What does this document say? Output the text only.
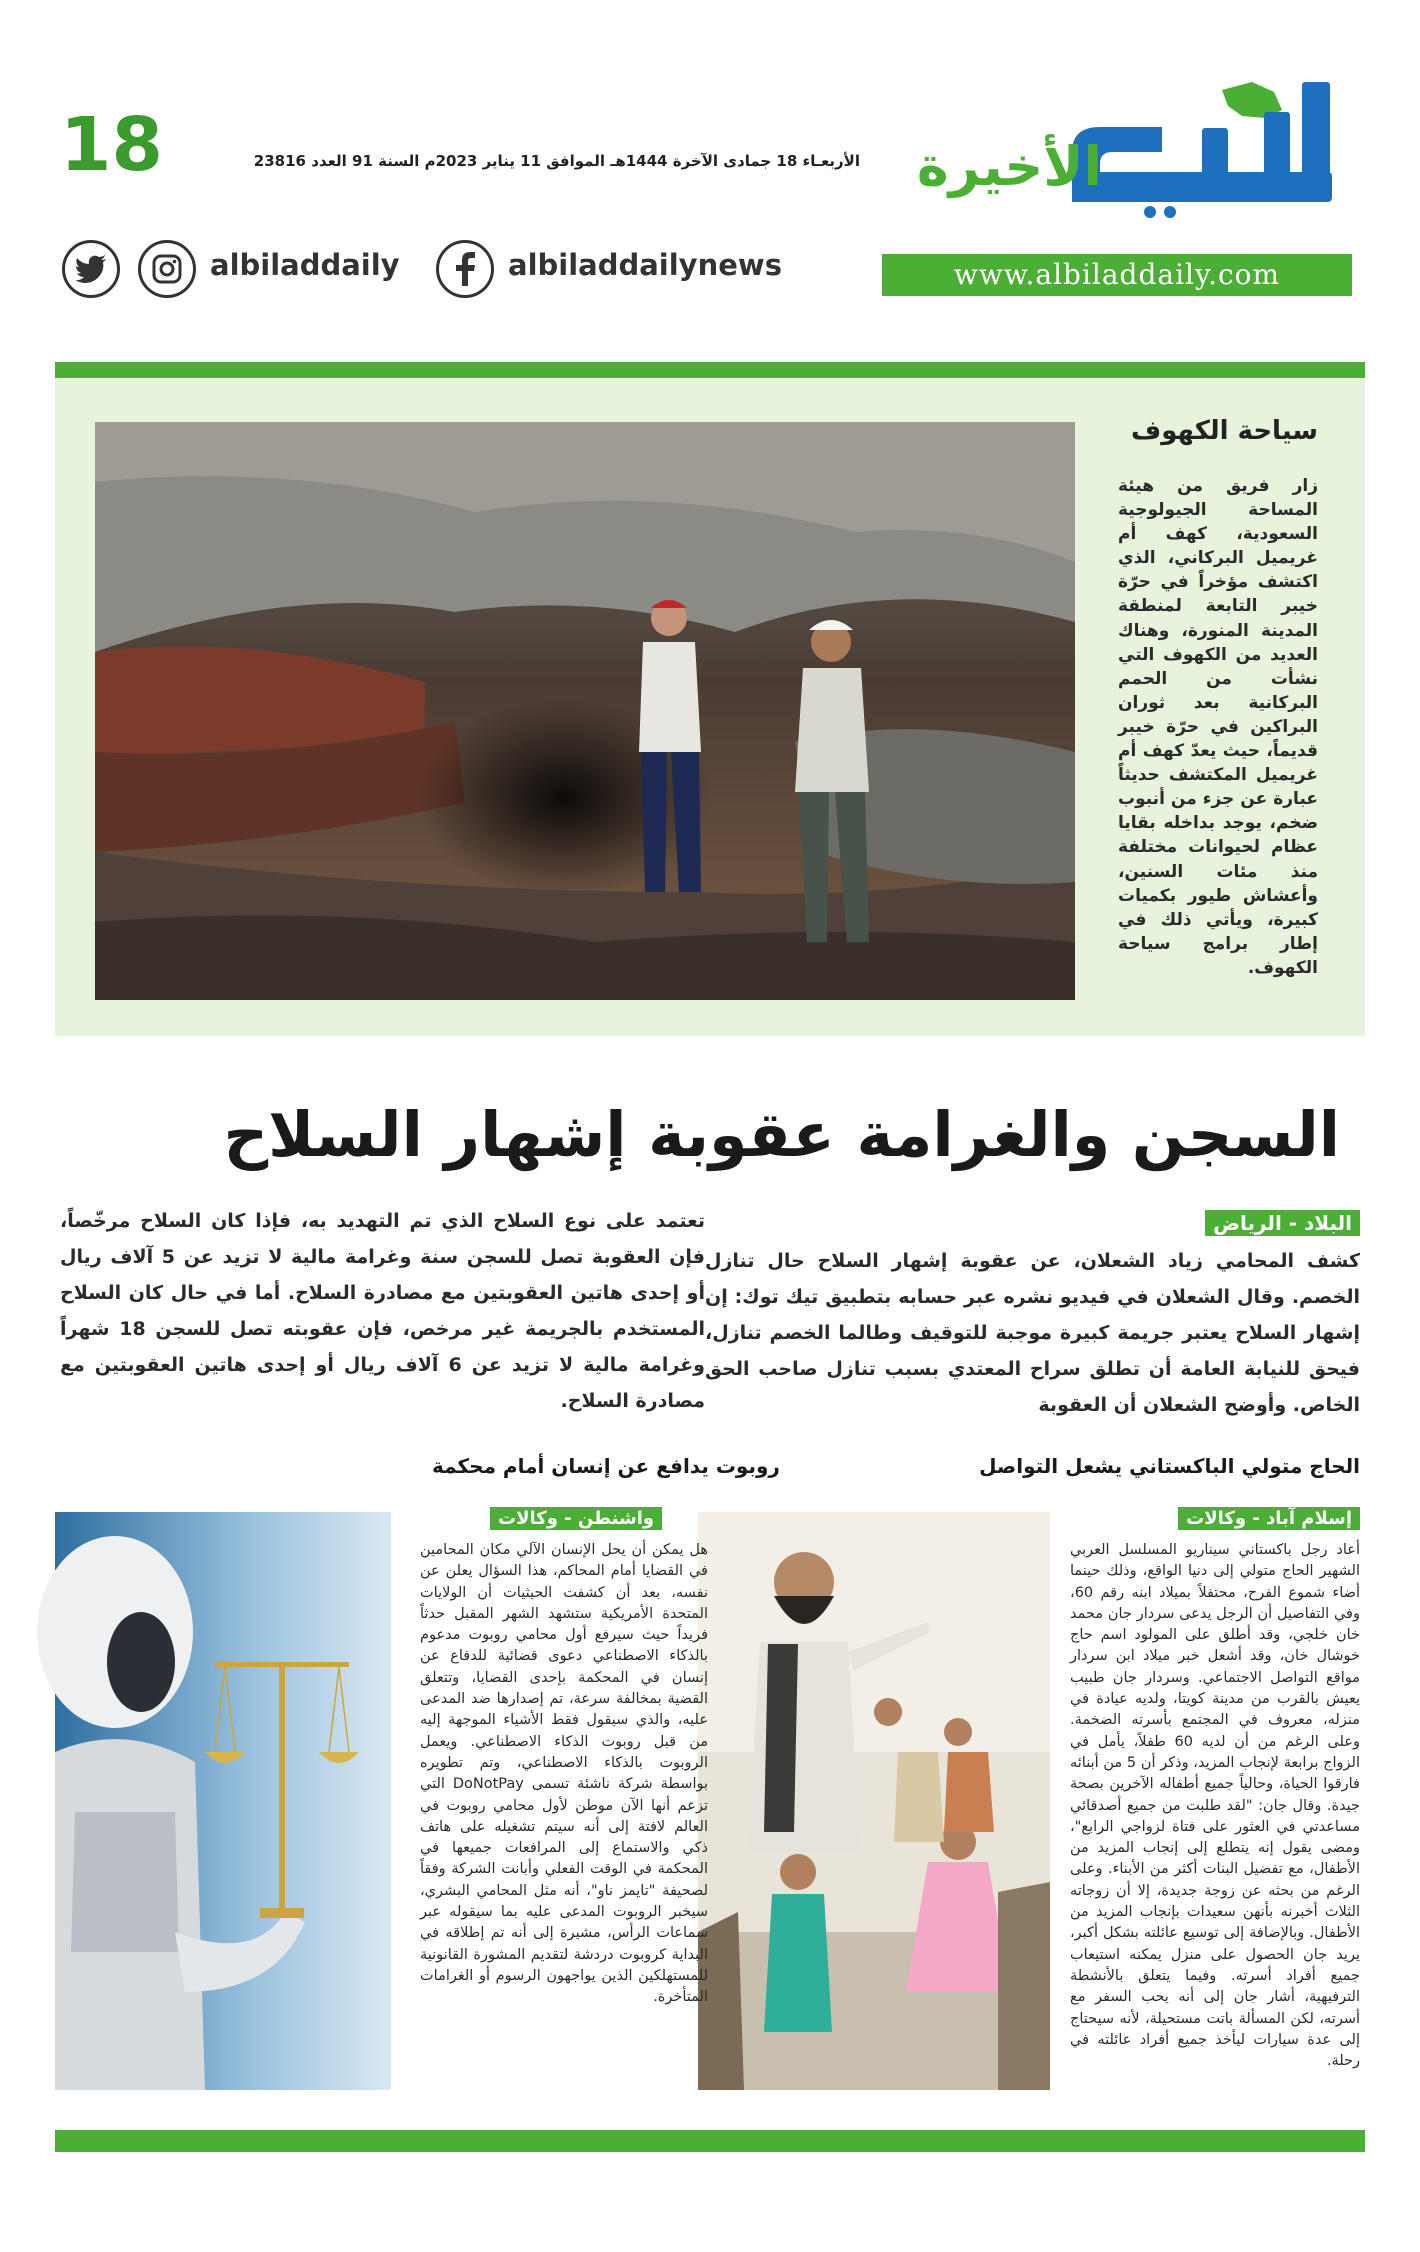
البلاد
الأخيرة
18	الأربعـاء 18 جمادى الآخرة 1444هـ الموافق 11 يناير 2023م السنة 91 العدد 23816
www.albiladdaily.com
albiladdailynews
albiladdaily
سياحة الكهوف
زار فريق من هيئة المساحة الجيولوجية السعودية، كهف أم غريميل البركاني، الذي اكتشف مؤخراً في حرّة خيبر التابعة لمنطقة المدينة المنورة، وهناك العديد من الكهوف التي نشأت من الحمم البركانية بعد ثوران البراكين في حرّة خيبر قديماً، حيث يعدّ كهف أم غريميل المكتشف حديثاً عبارة عن جزء من أنبوب ضخم، يوجد بداخله بقايا عظام لحيوانات مختلفة منذ مئات السنين، وأعشاش طيور بكميات كبيرة، ويأتي ذلك في إطار برامج سياحة الكهوف.
السجن والغرامة عقوبة إشهار السلاح
البلاد - الرياض
كشف المحامي زياد الشعلان، عن عقوبة إشهار السلاح حال تنازل الخصم. وقال الشعلان في فيديو نشره عبر حسابه بتطبيق تيك توك: إن إشهار السلاح يعتبر جريمة كبيرة موجبة للتوقيف وطالما الخصم تنازل، فيحق للنيابة العامة أن تطلق سراح المعتدي بسبب تنازل صاحب الحق الخاص. وأوضح الشعلان أن العقوبة
تعتمد على نوع السلاح الذي تم التهديد به، فإذا كان السلاح مرخّصاً، فإن العقوبة تصل للسجن سنة وغرامة مالية لا تزيد عن 5 آلاف ريال أو إحدى هاتين العقوبتين مع مصادرة السلاح. أما في حال كان السلاح المستخدم بالجريمة غير مرخص، فإن عقوبته تصل للسجن 18 شهراً وغرامة مالية لا تزيد عن 6 آلاف ريال أو إحدى هاتين العقوبتين مع مصادرة السلاح.
الحاج متولي الباكستاني يشعل التواصل
إسلام آباد - وكالات
أعاد رجل باكستاني سيناريو المسلسل العربي الشهير الحاج متولي إلى دنيا الواقع، وذلك حينما أضاء شموع الفرح، محتفلاً بميلاد ابنه رقم 60، وفي التفاصيل أن الرجل يدعى سردار جان محمد خان خلجي، وقد أطلق على المولود اسم حاج خوشال خان، وقد أشعل خبر ميلاد ابن سردار مواقع التواصل الاجتماعي. وسردار جان طبيب يعيش بالقرب من مدينة كويتا، ولديه عيادة في منزله، معروف في المجتمع بأسرته الضخمة. وعلى الرغم من أن لديه 60 طفلاً، يأمل في الزواج برابعة لإنجاب المزيد، وذكر أن 5 من أبنائه فارقوا الحياة، وحالياً جميع أطفاله الآخرين بصحة جيدة. وقال جان: "لقد طلبت من جميع أصدقائي مساعدتي في العثور على فتاة لزواجي الرابع"، ومضى يقول إنه يتطلع إلى إنجاب المزيد من الأطفال، مع تفضيل البنات أكثر من الأبناء. وعلى الرغم من بحثه عن زوجة جديدة، إلا أن زوجاته الثلاث أخبرنه بأنهن سعيدات بإنجاب المزيد من الأطفال. وبالإضافة إلى توسيع عائلته بشكل أكبر، يريد جان الحصول على منزل يمكنه استيعاب جميع أفراد أسرته. وفيما يتعلق بالأنشطة الترفيهية، أشار جان إلى أنه يحب السفر مع أسرته، لكن المسألة باتت مستحيلة، لأنه سيحتاج إلى عدة سيارات ليأخذ جميع أفراد عائلته في رحلة.
روبوت يدافع عن إنسان أمام محكمة
واشنطن - وكالات
هل يمكن أن يحل الإنسان الآلي مكان المحامين في القضايا أمام المحاكم، هذا السؤال يعلن عن نفسه، بعد أن كشفت الحيثيات أن الولايات المتحدة الأمريكية ستشهد الشهر المقبل حدثاً فريداً حيث سيرفع أول محامي روبوت مدعوم بالذكاء الاصطناعي دعوى قضائية للدفاع عن إنسان في المحكمة بإحدى القضايا، وتتعلق القضية بمخالفة سرعة، تم إصدارها ضد المدعى عليه، والذي سيقول فقط الأشياء الموجهة إليه من قبل روبوت الذكاء الاصطناعي. ويعمل الروبوت بالذكاء الاصطناعي، وتم تطويره بواسطة شركة ناشئة تسمى DoNotPay التي تزعم أنها الآن موطن لأول محامي روبوت في العالم لافتة إلى أنه سيتم تشغيله على هاتف ذكي والاستماع إلى المرافعات جميعها في المحكمة في الوقت الفعلي وأبانت الشركة وفقاً لصحيفة "تايمز ناو"، أنه مثل المحامي البشري، سيخبر الروبوت المدعى عليه بما سيقوله عبر سماعات الرأس، مشيرة إلى أنه تم إطلاقه في البداية كروبوت دردشة لتقديم المشورة القانونية للمستهلكين الذين يواجهون الرسوم أو الغرامات المتأخرة.
